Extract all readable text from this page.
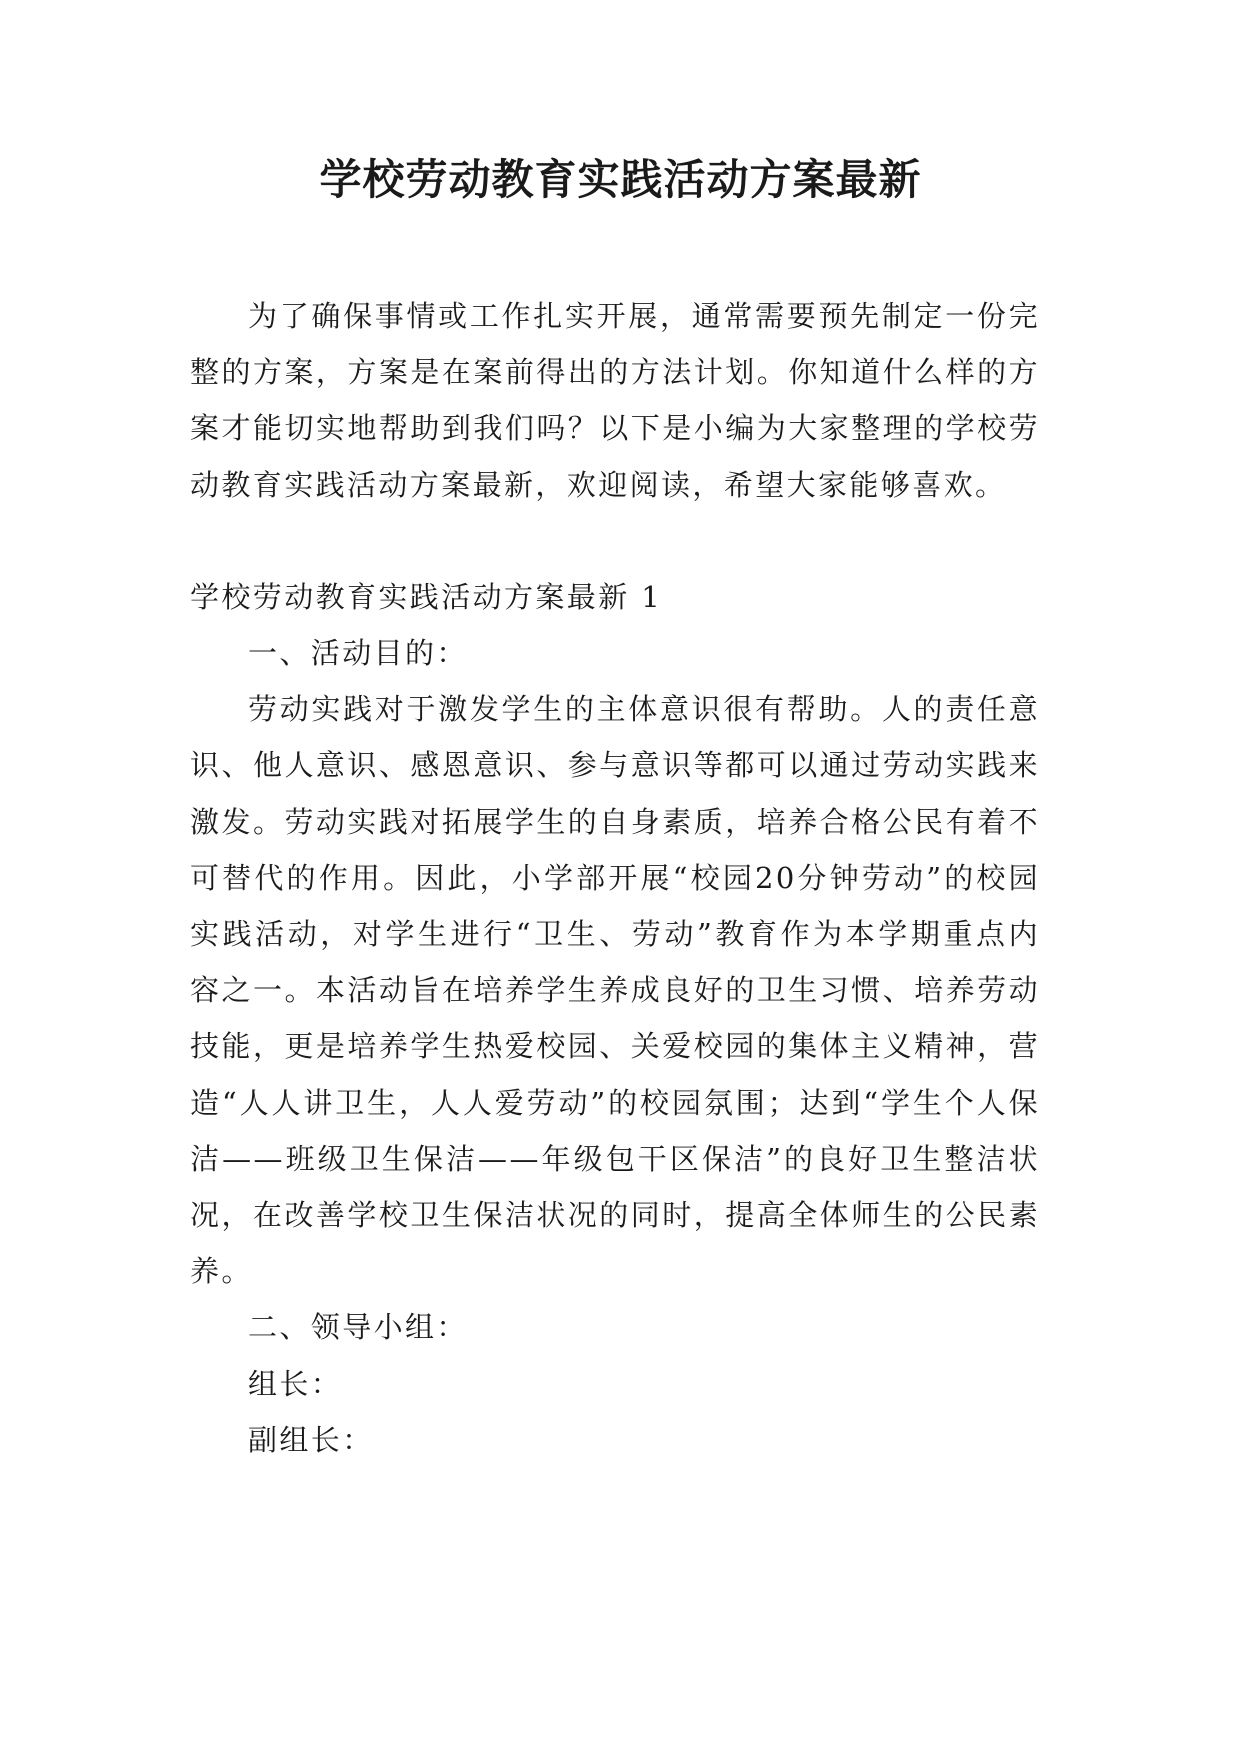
学校劳动教育实践活动方案最新

为了确保事情或工作扎实开展，通常需要预先制定一份完整的方案，方案是在案前得出的方法计划。你知道什么样的方案才能切实地帮助到我们吗？以下是小编为大家整理的学校劳动教育实践活动方案最新，欢迎阅读，希望大家能够喜欢。

学校劳动教育实践活动方案最新 1

一、活动目的：

劳动实践对于激发学生的主体意识很有帮助。人的责任意识、他人意识、感恩意识、参与意识等都可以通过劳动实践来激发。劳动实践对拓展学生的自身素质，培养合格公民有着不可替代的作用。因此，小学部开展“校园20分钟劳动”的校园实践活动，对学生进行“卫生、劳动”教育作为本学期重点内容之一。本活动旨在培养学生养成良好的卫生习惯、培养劳动技能，更是培养学生热爱校园、关爱校园的集体主义精神，营造“人人讲卫生，人人爱劳动”的校园氛围；达到“学生个人保洁——班级卫生保洁——年级包干区保洁”的良好卫生整洁状况，在改善学校卫生保洁状况的同时，提高全体师生的公民素养。

二、领导小组：

组长：

副组长：
